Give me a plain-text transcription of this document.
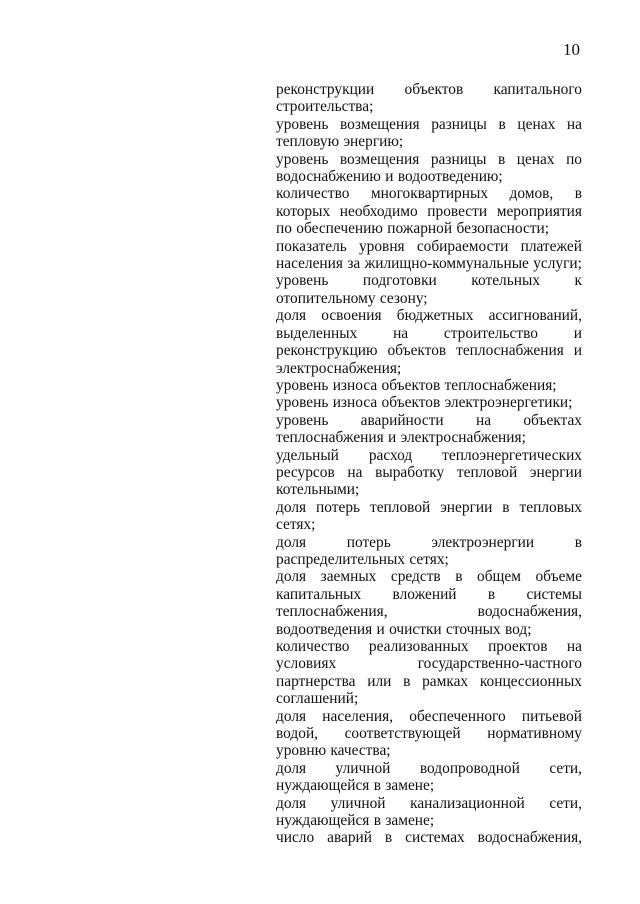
10

реконструкции объектов капитального строительства;

уровень возмещения разницы в ценах на тепловую энергию;

уровень возмещения разницы в ценах по водоснабжению и водоотведению;

количество многоквартирных домов, в которых необходимо провести мероприятия по обеспечению пожарной безопасности;

показатель уровня собираемости платежей населения за жилищно-коммунальные услуги;

уровень подготовки котельных к отопительному сезону;

доля освоения бюджетных ассигнований, выделенных на строительство и реконструкцию объектов теплоснабжения и электроснабжения;

уровень износа объектов теплоснабжения;

уровень износа объектов электроэнергетики;

уровень аварийности на объектах теплоснабжения и электроснабжения;

удельный расход теплоэнергетических ресурсов на выработку тепловой энергии котельными;

доля потерь тепловой энергии в тепловых сетях;

доля потерь электроэнергии в распределительных сетях;

доля заемных средств в общем объеме капитальных вложений в системы теплоснабжения, водоснабжения, водоотведения и очистки сточных вод;

количество реализованных проектов на условиях государственно-частного партнерства или в рамках концессионных соглашений;

доля населения, обеспеченного питьевой водой, соответствующей нормативному уровню качества;

доля уличной водопроводной сети, нуждающейся в замене;

доля уличной канализационной сети, нуждающейся в замене;

число аварий в системах водоснабжения,
